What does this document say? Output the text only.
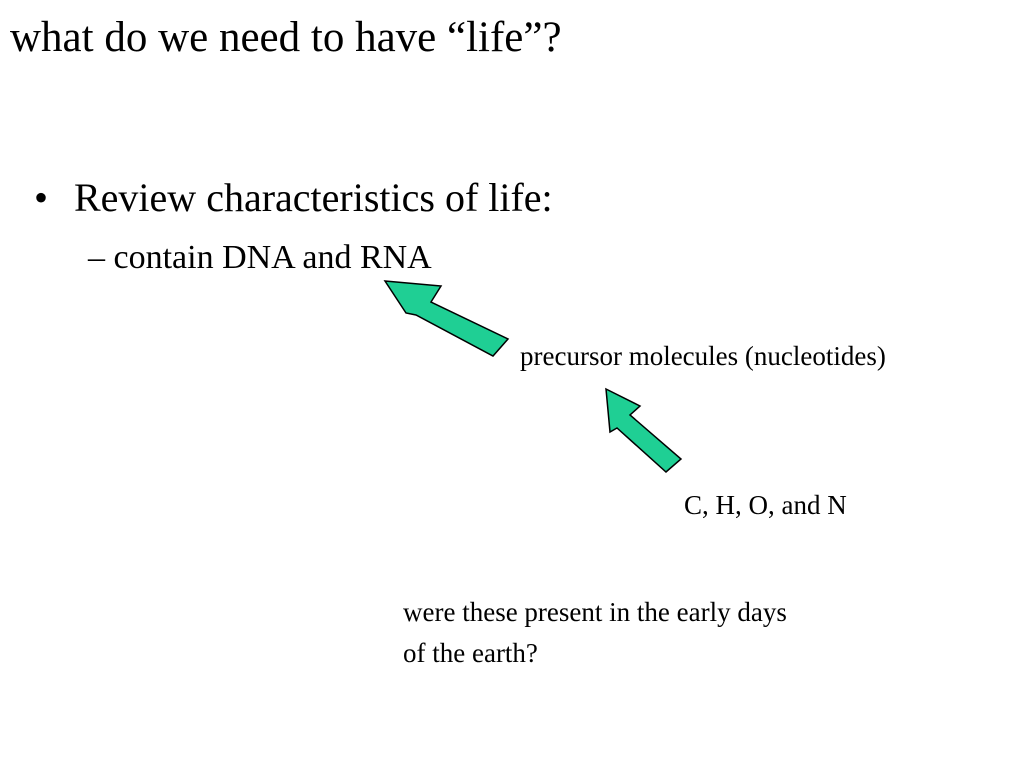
what do we need to have “life”?
• Review characteristics of life:
– contain DNA and RNA
precursor molecules (nucleotides)
C, H, O, and N
were these present in the early days
of the earth?
